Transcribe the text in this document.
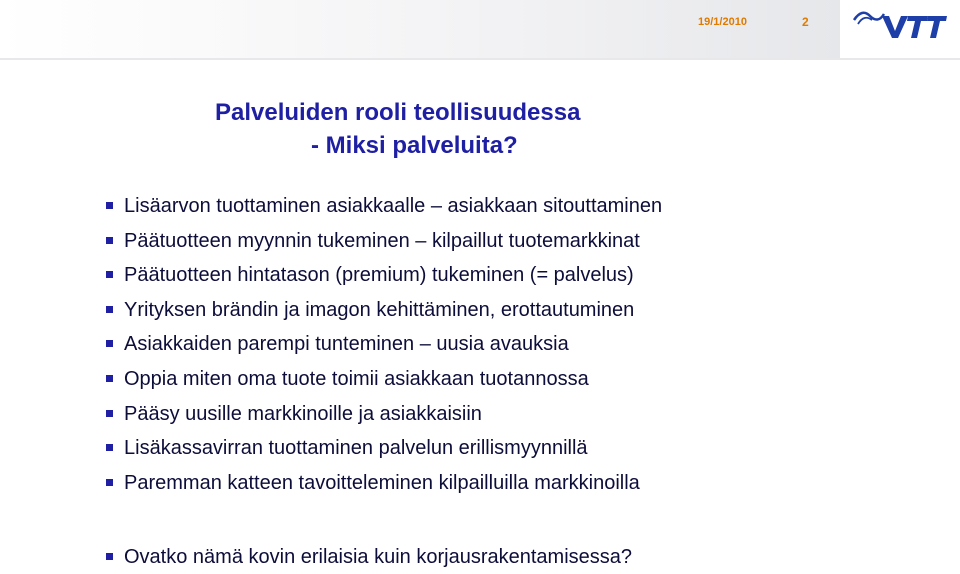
19/1/2010	2
Palveluiden rooli teollisuudessa
- Miksi palveluita?
Lisäarvon tuottaminen asiakkaalle – asiakkaan sitouttaminen
Päätuotteen myynnin tukeminen – kilpaillut tuotemarkkinat
Päätuotteen hintatason (premium) tukeminen (= palvelus)
Yrityksen brändin ja imagon kehittäminen, erottautuminen
Asiakkaiden parempi tunteminen – uusia avauksia
Oppia miten oma tuote toimii asiakkaan tuotannossa
Pääsy uusille markkinoille ja asiakkaisiin
Lisäkassavirran tuottaminen palvelun erillismyynnillä
Paremman katteen tavoitteleminen kilpailluilla markkinoilla
Ovatko nämä kovin erilaisia kuin korjausrakentamisessa?
